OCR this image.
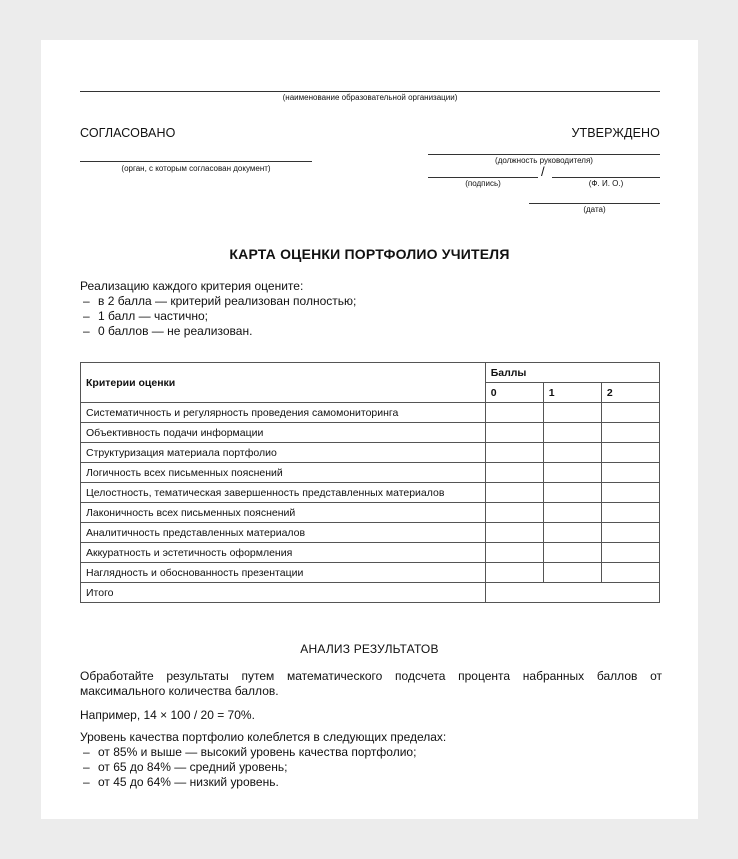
(наименование образовательной организации)
СОГЛАСОВАНО
(орган, с которым согласован документ)
УТВЕРЖДЕНО
(должность руководителя)
/
(подпись)	(Ф. И. О.)
(дата)
КАРТА ОЦЕНКИ ПОРТФОЛИО УЧИТЕЛЯ
Реализацию каждого критерия оцените:
– в 2 балла — критерий реализован полностью;
– 1 балл — частично;
– 0 баллов — не реализован.
Критерии оценки	Баллы		
	0	1	2
Систематичность и регулярность проведения самомониторинга			
Объективность подачи информации			
Структуризация материала портфолио			
Логичность всех письменных пояснений			
Целостность, тематическая завершенность представленных материалов			
Лаконичность всех письменных пояснений			
Аналитичность представленных материалов			
Аккуратность и эстетичность оформления			
Наглядность и обоснованность презентации			
Итого			
АНАЛИЗ РЕЗУЛЬТАТОВ
Обработайте результаты путем математического подсчета процента набранных баллов от максимального количества баллов.
Например, 14 × 100 / 20 = 70%.
Уровень качества портфолио колеблется в следующих пределах:
– от 85% и выше — высокий уровень качества портфолио;
– от 65 до 84% — средний уровень;
– от 45 до 64% — низкий уровень.
